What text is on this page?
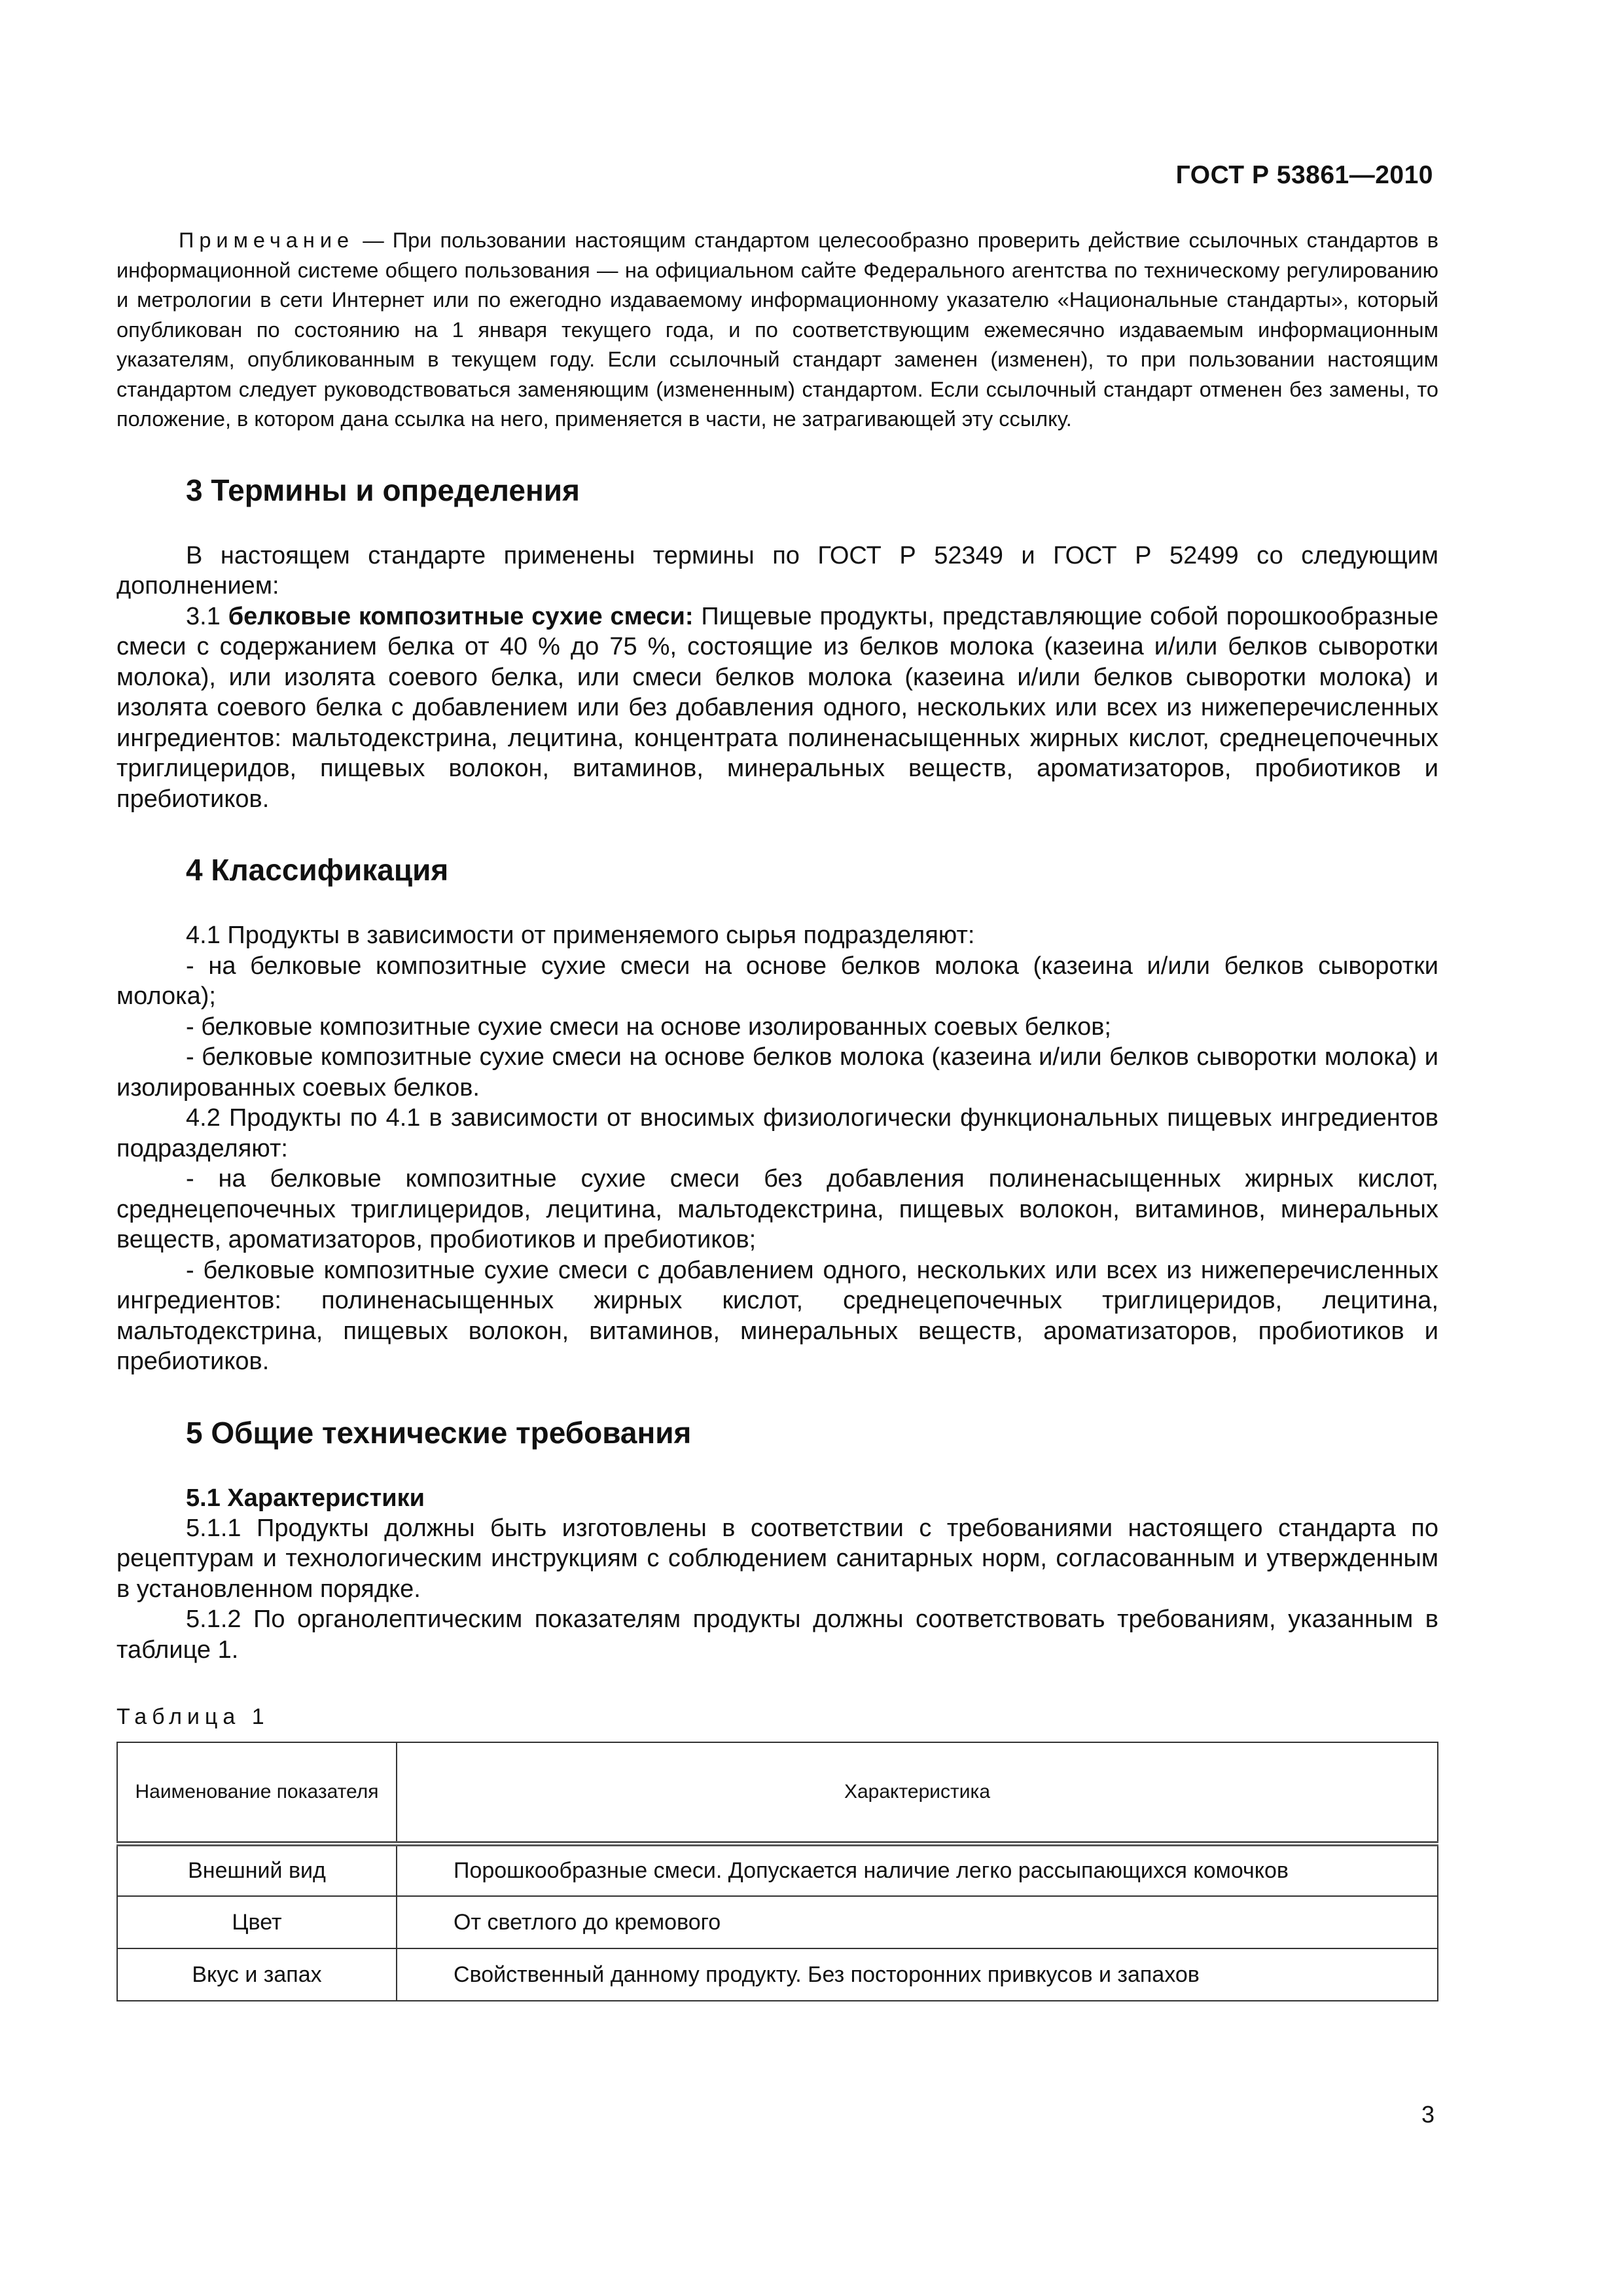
ГОСТ Р 53861—2010

Примечание — При пользовании настоящим стандартом целесообразно проверить действие ссылочных стандартов в информационной системе общего пользования — на официальном сайте Федерального агентства по техническому регулированию и метрологии в сети Интернет или по ежегодно издаваемому информационному указателю «Национальные стандарты», который опубликован по состоянию на 1 января текущего года, и по соответствующим ежемесячно издаваемым информационным указателям, опубликованным в текущем году. Если ссылочный стандарт заменен (изменен), то при пользовании настоящим стандартом следует руководствоваться заменяющим (измененным) стандартом. Если ссылочный стандарт отменен без замены, то положение, в котором дана ссылка на него, применяется в части, не затрагивающей эту ссылку.

3 Термины и определения

В настоящем стандарте применены термины по ГОСТ Р 52349 и ГОСТ Р 52499 со следующим дополнением:

3.1 белковые композитные сухие смеси: Пищевые продукты, представляющие собой порошкообразные смеси с содержанием белка от 40 % до 75 %, состоящие из белков молока (казеина и/или белков сыворотки молока), или изолята соевого белка, или смеси белков молока (казеина и/или белков сыворотки молока) и изолята соевого белка с добавлением или без добавления одного, нескольких или всех из нижеперечисленных ингредиентов: мальтодекстрина, лецитина, концентрата полиненасыщенных жирных кислот, среднецепочечных триглицеридов, пищевых волокон, витаминов, минеральных веществ, ароматизаторов, пробиотиков и пребиотиков.

4 Классификация

4.1 Продукты в зависимости от применяемого сырья подразделяют:

- на белковые композитные сухие смеси на основе белков молока (казеина и/или белков сыворотки молока);

- белковые композитные сухие смеси на основе изолированных соевых белков;

- белковые композитные сухие смеси на основе белков молока (казеина и/или белков сыворотки молока) и изолированных соевых белков.

4.2 Продукты по 4.1 в зависимости от вносимых физиологически функциональных пищевых ингредиентов подразделяют:

- на белковые композитные сухие смеси без добавления полиненасыщенных жирных кислот, среднецепочечных триглицеридов, лецитина, мальтодекстрина, пищевых волокон, витаминов, минеральных веществ, ароматизаторов, пробиотиков и пребиотиков;

- белковые композитные сухие смеси с добавлением одного, нескольких или всех из нижеперечисленных ингредиентов: полиненасыщенных жирных кислот, среднецепочечных триглицеридов, лецитина, мальтодекстрина, пищевых волокон, витаминов, минеральных веществ, ароматизаторов, пробиотиков и пребиотиков.

5 Общие технические требования
5.1 Характеристики

5.1.1 Продукты должны быть изготовлены в соответствии с требованиями настоящего стандарта по рецептурам и технологическим инструкциям с соблюдением санитарных норм, согласованным и утвержденным в установленном порядке.

5.1.2 По органолептическим показателям продукты должны соответствовать требованиям, указанным в таблице 1.

Таблица 1
Наименование показателя	Характеристика
Внешний вид	Порошкообразные смеси. Допускается наличие легко рассыпающихся комочков
Цвет	От светлого до кремового
Вкус и запах	Свойственный данному продукту. Без посторонних привкусов и запахов
3
